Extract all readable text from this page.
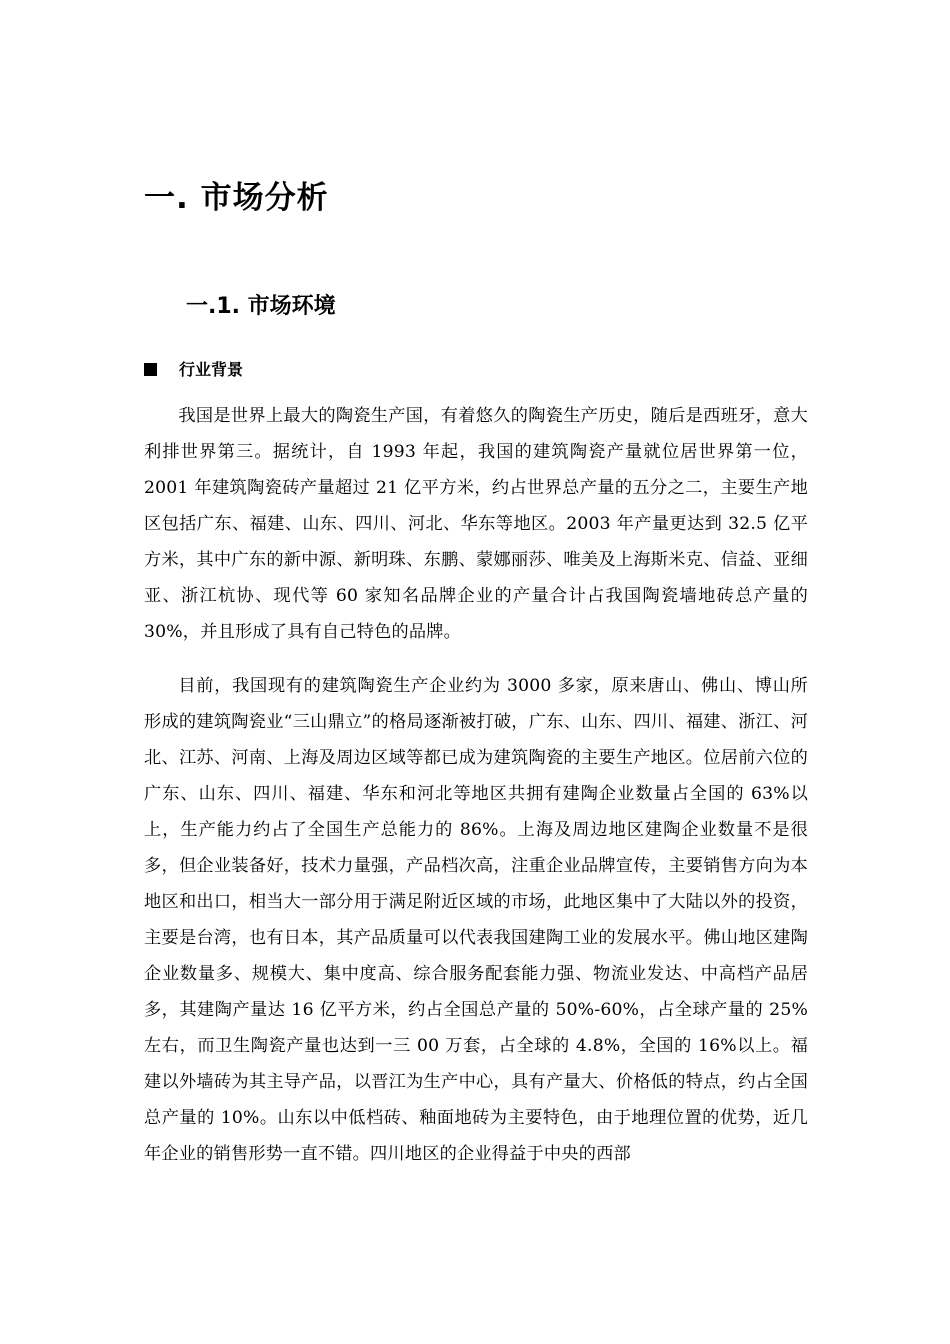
一. 市场分析
一.1. 市场环境
行业背景

我国是世界上最大的陶瓷生产国，有着悠久的陶瓷生产历史，随后是西班牙，意大利排世界第三。据统计，自 1993 年起，我国的建筑陶瓷产量就位居世界第一位，2001 年建筑陶瓷砖产量超过 21 亿平方米，约占世界总产量的五分之二，主要生产地区包括广东、福建、山东、四川、河北、华东等地区。2003 年产量更达到 32.5 亿平方米，其中广东的新中源、新明珠、东鹏、蒙娜丽莎、唯美及上海斯米克、信益、亚细亚、浙江杭协、现代等 60 家知名品牌企业的产量合计占我国陶瓷墙地砖总产量的 30%，并且形成了具有自己特色的品牌。

目前，我国现有的建筑陶瓷生产企业约为 3000 多家，原来唐山、佛山、博山所形成的建筑陶瓷业“三山鼎立”的格局逐渐被打破，广东、山东、四川、福建、浙江、河北、江苏、河南、上海及周边区域等都已成为建筑陶瓷的主要生产地区。位居前六位的广东、山东、四川、福建、华东和河北等地区共拥有建陶企业数量占全国的 63%以上，生产能力约占了全国生产总能力的 86%。上海及周边地区建陶企业数量不是很多，但企业装备好，技术力量强，产品档次高，注重企业品牌宣传，主要销售方向为本地区和出口，相当大一部分用于满足附近区域的市场，此地区集中了大陆以外的投资，主要是台湾，也有日本，其产品质量可以代表我国建陶工业的发展水平。佛山地区建陶企业数量多、规模大、集中度高、综合服务配套能力强、物流业发达、中高档产品居多，其建陶产量达 16 亿平方米，约占全国总产量的 50%-60%，占全球产量的 25%左右，而卫生陶瓷产量也达到一三 00 万套，占全球的 4.8%，全国的 16%以上。福建以外墙砖为其主导产品，以晋江为生产中心，具有产量大、价格低的特点，约占全国总产量的 10%。山东以中低档砖、釉面地砖为主要特色，由于地理位置的优势，近几年企业的销售形势一直不错。四川地区的企业得益于中央的西部
